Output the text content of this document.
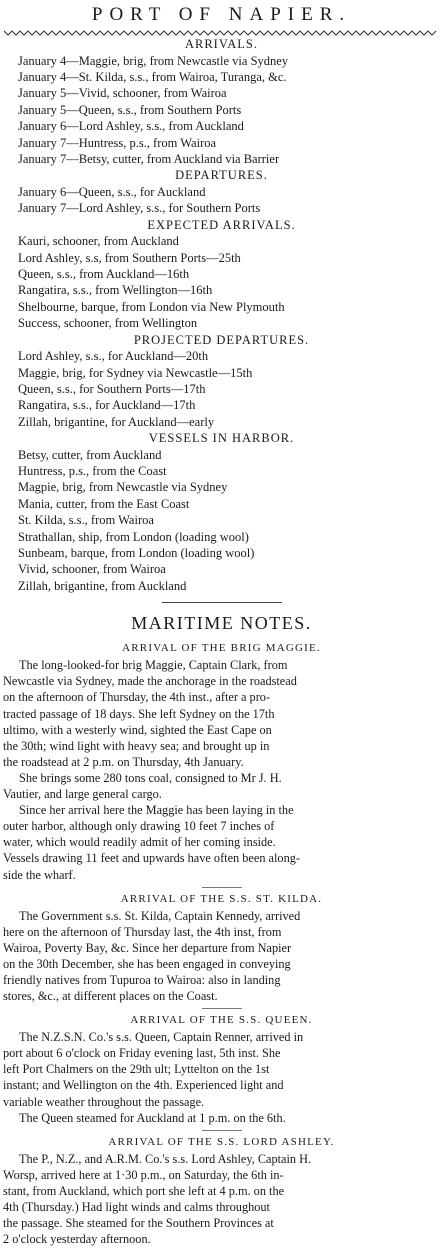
PORT OF NAPIER.
ARRIVALS.
January 4—Maggie, brig, from Newcastle via Sydney
January 4—St. Kilda, s.s., from Wairoa, Turanga, &c.
January 5—Vivid, schooner, from Wairoa
January 5—Queen, s.s., from Southern Ports
January 6—Lord Ashley, s.s., from Auckland
January 7—Huntress, p.s., from Wairoa
January 7—Betsy, cutter, from Auckland via Barrier
DEPARTURES.
January 6—Queen, s.s., for Auckland
January 7—Lord Ashley, s.s., for Southern Ports
EXPECTED ARRIVALS.
Kauri, schooner, from Auckland
Lord Ashley, s.s, from Southern Ports—25th
Queen, s.s., from Auckland—16th
Rangatira, s.s., from Wellington—16th
Shelbourne, barque, from London via New Plymouth
Success, schooner, from Wellington
PROJECTED DEPARTURES.
Lord Ashley, s.s., for Auckland—20th
Maggie, brig, for Sydney via Newcastle—15th
Queen, s.s., for Southern Ports—17th
Rangatira, s.s., for Auckland—17th
Zillah, brigantine, for Auckland—early
VESSELS IN HARBOR.
Betsy, cutter, from Auckland
Huntress, p.s., from the Coast
Magpie, brig, from Newcastle via Sydney
Mania, cutter, from the East Coast
St. Kilda, s.s., from Wairoa
Strathallan, ship, from London (loading wool)
Sunbeam, barque, from London (loading wool)
Vivid, schooner, from Wairoa
Zillah, brigantine, from Auckland
MARITIME NOTES.
ARRIVAL OF THE BRIG MAGGIE.

The long-looked-for brig Maggie, Captain Clark, from
Newcastle via Sydney, made the anchorage in the roadstead
on the afternoon of Thursday, the 4th inst., after a pro-
tracted passage of 18 days. She left Sydney on the 17th
ultimo, with a westerly wind, sighted the East Cape on
the 30th; wind light with heavy sea; and brought up in
the roadstead at 2 p.m. on Thursday, 4th January.

She brings some 280 tons coal, consigned to Mr J. H.
Vautier, and large general cargo.

Since her arrival here the Maggie has been laying in the
outer harbor, although only drawing 10 feet 7 inches of
water, which would readily admit of her coming inside.
Vessels drawing 11 feet and upwards have often been along-
side the wharf.

ARRIVAL OF THE S.S. ST. KILDA.

The Government s.s. St. Kilda, Captain Kennedy, arrived
here on the afternoon of Thursday last, the 4th inst, from
Wairoa, Poverty Bay, &c. Since her departure from Napier
on the 30th December, she has been engaged in conveying
friendly natives from Tupuroa to Wairoa: also in landing
stores, &c., at different places on the Coast.

ARRIVAL OF THE S.S. QUEEN.

The N.Z.S.N. Co.'s s.s. Queen, Captain Renner, arrived in
port about 6 o'clock on Friday evening last, 5th inst. She
left Port Chalmers on the 29th ult; Lyttelton on the 1st
instant; and Wellington on the 4th. Experienced light and
variable weather throughout the passage.

The Queen steamed for Auckland at 1 p.m. on the 6th.

ARRIVAL OF THE S.S. LORD ASHLEY.

The P., N.Z., and A.R.M. Co.'s s.s. Lord Ashley, Captain H.
Worsp, arrived here at 1·30 p.m., on Saturday, the 6th in-
stant, from Auckland, which port she left at 4 p.m. on the
4th (Thursday.) Had light winds and calms throughout
the passage. She steamed for the Southern Provinces at
2 o'clock yesterday afternoon.
